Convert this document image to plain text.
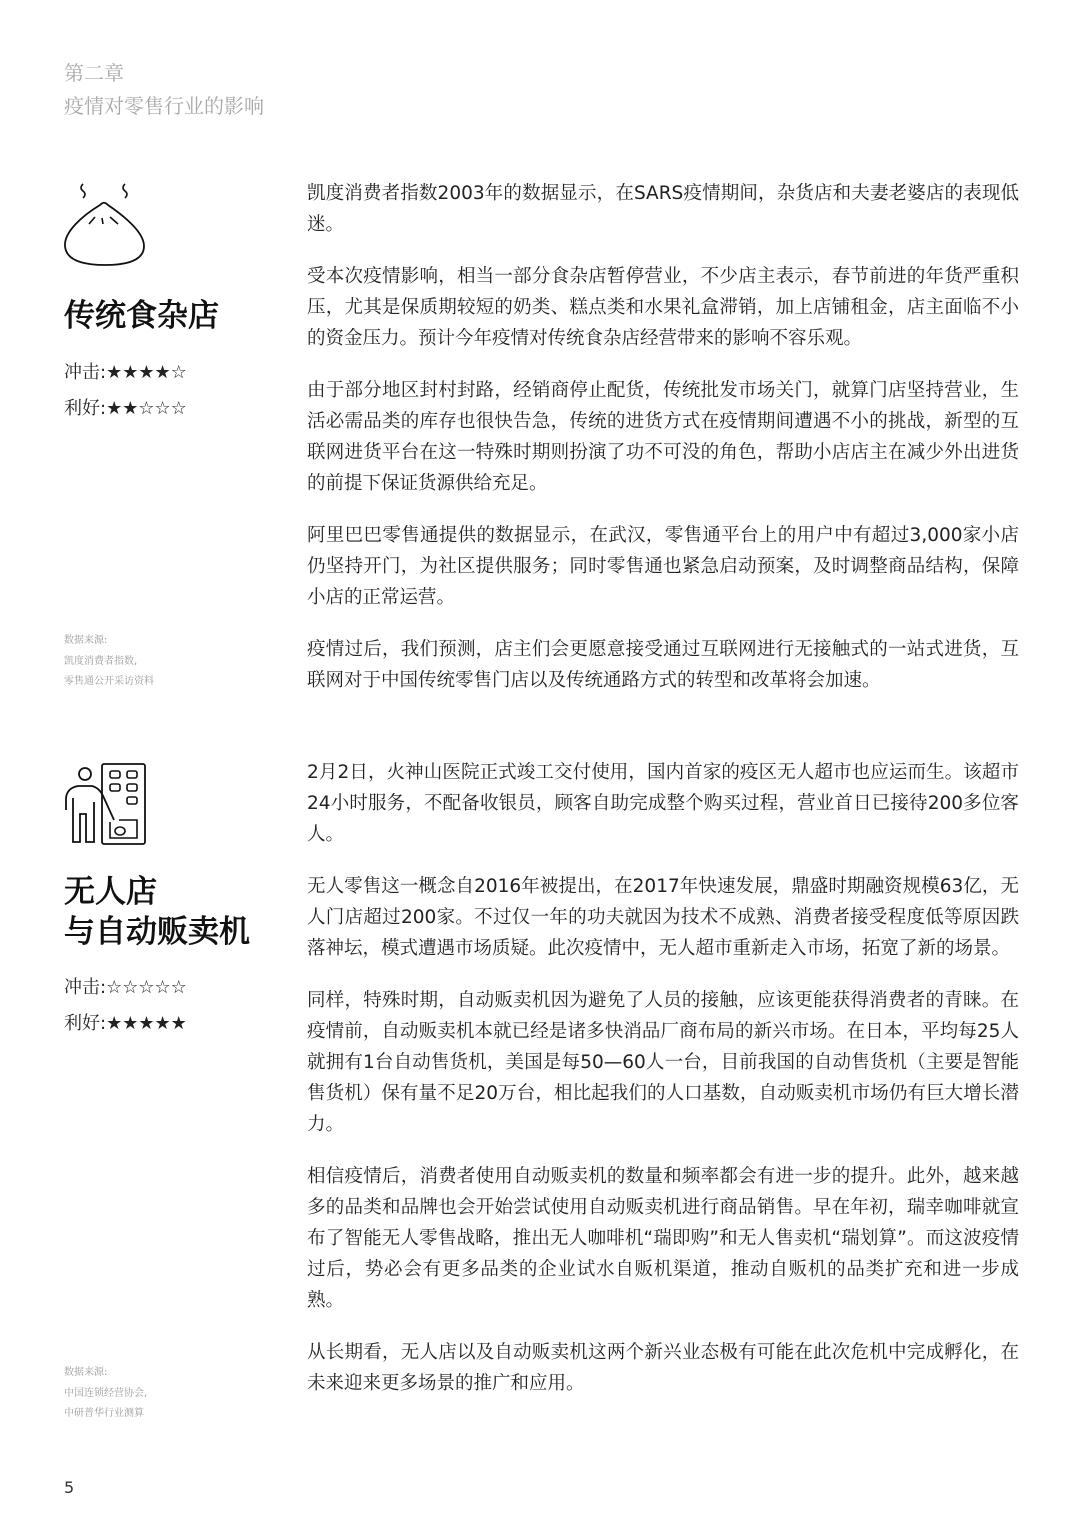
第二章
疫情对零售行业的影响
传统食杂店
冲击:★★★★☆
利好:★★☆☆☆
数据来源:
凯度消费者指数,
零售通公开采访资料

凯度消费者指数2003年的数据显示，在SARS疫情期间，杂货店和夫妻老婆店的表现低迷。

受本次疫情影响，相当一部分食杂店暂停营业，不少店主表示，春节前进的年货严重积压，尤其是保质期较短的奶类、糕点类和水果礼盒滞销，加上店铺租金，店主面临不小的资金压力。预计今年疫情对传统食杂店经营带来的影响不容乐观。

由于部分地区封村封路，经销商停止配货，传统批发市场关门，就算门店坚持营业，生活必需品类的库存也很快告急，传统的进货方式在疫情期间遭遇不小的挑战，新型的互联网进货平台在这一特殊时期则扮演了功不可没的角色，帮助小店店主在减少外出进货的前提下保证货源供给充足。

阿里巴巴零售通提供的数据显示，在武汉，零售通平台上的用户中有超过3,000家小店仍坚持开门，为社区提供服务；同时零售通也紧急启动预案，及时调整商品结构，保障小店的正常运营。

疫情过后，我们预测，店主们会更愿意接受通过互联网进行无接触式的一站式进货，互联网对于中国传统零售门店以及传统通路方式的转型和改革将会加速。

无人店
与自动贩卖机
冲击:☆☆☆☆☆
利好:★★★★★
数据来源:
中国连锁经营协会,
中研普华行业测算

2月2日，火神山医院正式竣工交付使用，国内首家的疫区无人超市也应运而生。该超市24小时服务，不配备收银员，顾客自助完成整个购买过程，营业首日已接待200多位客人。

无人零售这一概念自2016年被提出，在2017年快速发展，鼎盛时期融资规模63亿，无人门店超过200家。不过仅一年的功夫就因为技术不成熟、消费者接受程度低等原因跌落神坛，模式遭遇市场质疑。此次疫情中，无人超市重新走入市场，拓宽了新的场景。

同样，特殊时期，自动贩卖机因为避免了人员的接触，应该更能获得消费者的青睐。在疫情前，自动贩卖机本就已经是诸多快消品厂商布局的新兴市场。在日本，平均每25人就拥有1台自动售货机，美国是每50—60人一台，目前我国的自动售货机（主要是智能售货机）保有量不足20万台，相比起我们的人口基数，自动贩卖机市场仍有巨大增长潜力。

相信疫情后，消费者使用自动贩卖机的数量和频率都会有进一步的提升。此外，越来越多的品类和品牌也会开始尝试使用自动贩卖机进行商品销售。早在年初，瑞幸咖啡就宣布了智能无人零售战略，推出无人咖啡机“瑞即购”和无人售卖机“瑞划算”。而这波疫情过后，势必会有更多品类的企业试水自贩机渠道，推动自贩机的品类扩充和进一步成熟。

从长期看，无人店以及自动贩卖机这两个新兴业态极有可能在此次危机中完成孵化，在未来迎来更多场景的推广和应用。

5
